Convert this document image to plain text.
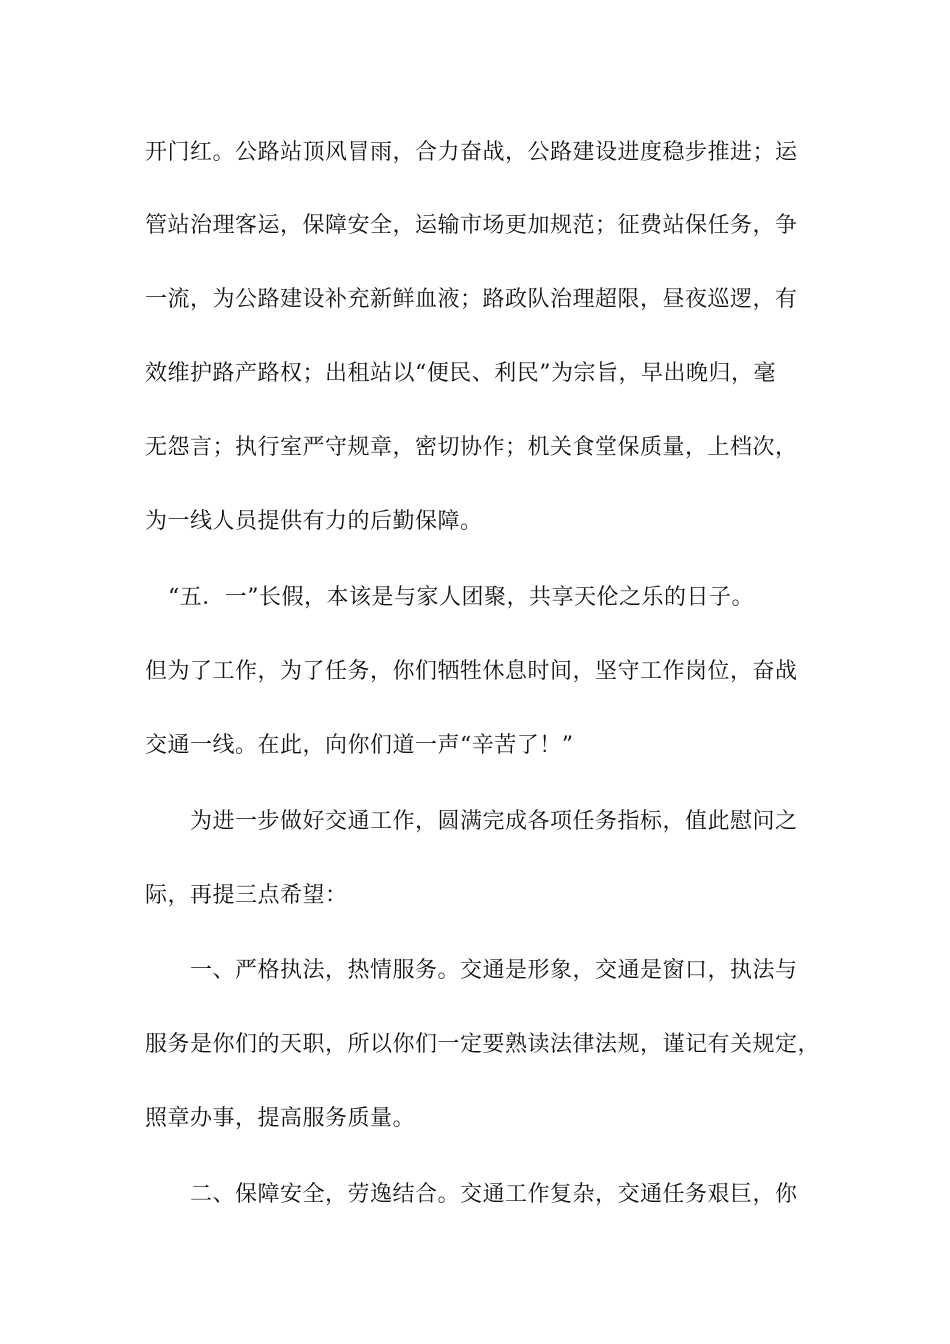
开门红。公路站顶风冒雨，合力奋战，公路建设进度稳步推进；运
管站治理客运，保障安全，运输市场更加规范；征费站保任务，争
一流，为公路建设补充新鲜血液；路政队治理超限，昼夜巡逻，有
效维护路产路权；出租站以“便民、利民”为宗旨，早出晚归，毫
无怨言；执行室严守规章，密切协作；机关食堂保质量，上档次，
为一线人员提供有力的后勤保障。
“五．一”长假，本该是与家人团聚，共享天伦之乐的日子。
但为了工作，为了任务，你们牺牲休息时间，坚守工作岗位，奋战
交通一线。在此，向你们道一声“辛苦了！”
为进一步做好交通工作，圆满完成各项任务指标，值此慰问之
际，再提三点希望：
一、严格执法，热情服务。交通是形象，交通是窗口，执法与
服务是你们的天职，所以你们一定要熟读法律法规，谨记有关规定，
照章办事，提高服务质量。
二、保障安全，劳逸结合。交通工作复杂，交通任务艰巨，你
